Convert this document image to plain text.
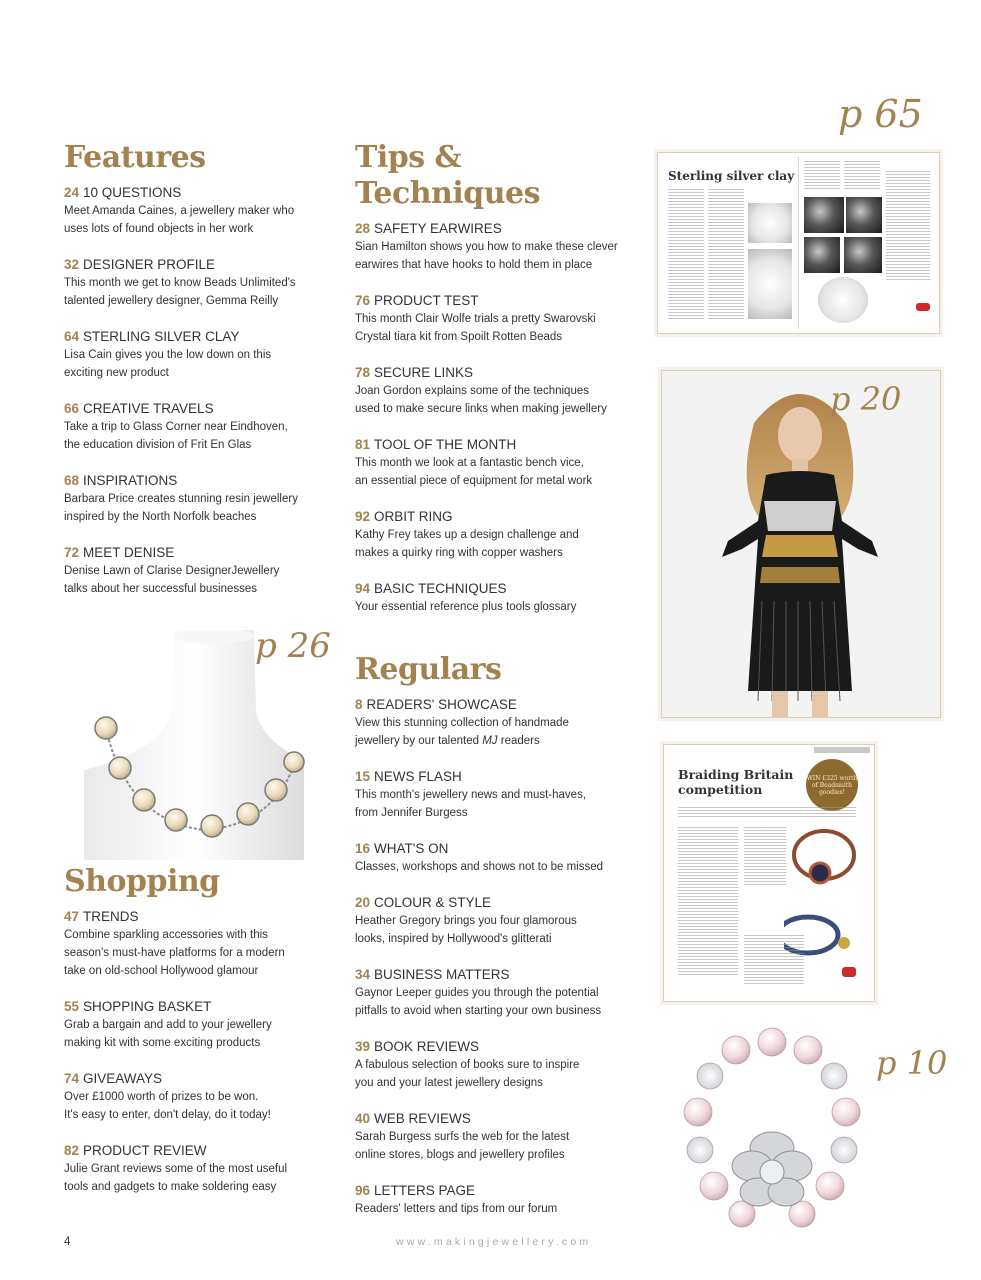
Features
24 10 QUESTIONS
Meet Amanda Caines, a jewellery maker who
uses lots of found objects in her work
32 DESIGNER PROFILE
This month we get to know Beads Unlimited's
talented jewellery designer, Gemma Reilly
64 STERLING SILVER CLAY
Lisa Cain gives you the low down on this
exciting new product
66 CREATIVE TRAVELS
Take a trip to Glass Corner near Eindhoven,
the education division of Frit En Glas
68 INSPIRATIONS
Barbara Price creates stunning resin jewellery
inspired by the North Norfolk beaches
72 MEET DENISE
Denise Lawn of Clarise DesignerJewellery
talks about her successful businesses
Shopping
47 TRENDS
Combine sparkling accessories with this
season's must-have platforms for a modern
take on old-school Hollywood glamour
55 SHOPPING BASKET
Grab a bargain and add to your jewellery
making kit with some exciting products
74 GIVEAWAYS
Over £1000 worth of prizes to be won.
It's easy to enter, don't delay, do it today!
82 PRODUCT REVIEW
Julie Grant reviews some of the most useful
tools and gadgets to make soldering easy
Tips & Techniques
28 SAFETY EARWIRES
Sian Hamilton shows you how to make these clever
earwires that have hooks to hold them in place
76 PRODUCT TEST
This month Clair Wolfe trials a pretty Swarovski
Crystal tiara kit from Spoilt Rotten Beads
78 SECURE LINKS
Joan Gordon explains some of the techniques
used to make secure links when making jewellery
81 TOOL OF THE MONTH
This month we look at a fantastic bench vice,
an essential piece of equipment for metal work
92 ORBIT RING
Kathy Frey takes up a design challenge and
makes a quirky ring with copper washers
94 BASIC TECHNIQUES
Your essential reference plus tools glossary
Regulars
8 READERS' SHOWCASE
View this stunning collection of handmade
jewellery by our talented MJ readers
15 NEWS FLASH
This month's jewellery news and must-haves,
from Jennifer Burgess
16 WHAT'S ON
Classes, workshops and shows not to be missed
20 COLOUR & STYLE
Heather Gregory brings you four glamorous
looks, inspired by Hollywood's glitterati
34 BUSINESS MATTERS
Gaynor Leeper guides you through the potential
pitfalls to avoid when starting your own business
39 BOOK REVIEWS
A fabulous selection of books sure to inspire
you and your latest jewellery designs
40 WEB REVIEWS
Sarah Burgess surfs the web for the latest
online stores, blogs and jewellery profiles
96 LETTERS PAGE
Readers' letters and tips from our forum
p 65
Sterling silver clay
p 20
p 26
Braiding Britain competition
WIN £325 worth of Beadsmith goodies!
p 10
4	www.makingjewellery.com
